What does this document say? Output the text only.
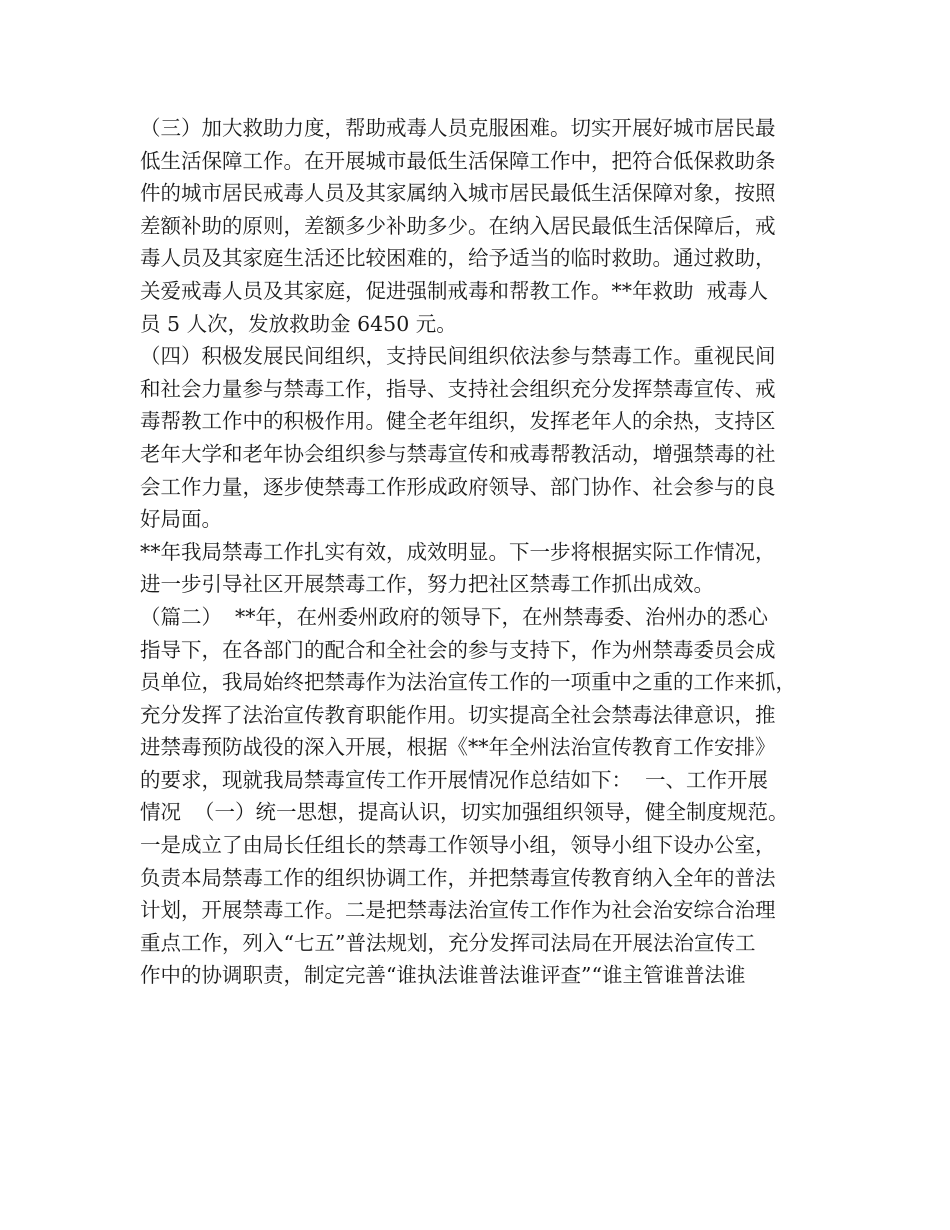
（三）加大救助力度，帮助戒毒人员克服困难。切实开展好城市居民最
低生活保障工作。在开展城市最低生活保障工作中，把符合低保救助条
件的城市居民戒毒人员及其家属纳入城市居民最低生活保障对象，按照
差额补助的原则，差额多少补助多少。在纳入居民最低生活保障后，戒
毒人员及其家庭生活还比较困难的，给予适当的临时救助。通过救助，
关爱戒毒人员及其家庭，促进强制戒毒和帮教工作。**年救助  戒毒人
员 5 人次，发放救助金 6450 元。
（四）积极发展民间组织，支持民间组织依法参与禁毒工作。重视民间
和社会力量参与禁毒工作，指导、支持社会组织充分发挥禁毒宣传、戒
毒帮教工作中的积极作用。健全老年组织，发挥老年人的余热，支持区
老年大学和老年协会组织参与禁毒宣传和戒毒帮教活动，增强禁毒的社
会工作力量，逐步使禁毒工作形成政府领导、部门协作、社会参与的良
好局面。
**年我局禁毒工作扎实有效，成效明显。下一步将根据实际工作情况，
进一步引导社区开展禁毒工作，努力把社区禁毒工作抓出成效。
（篇二）  **年，在州委州政府的领导下，在州禁毒委、治州办的悉心
指导下，在各部门的配合和全社会的参与支持下，作为州禁毒委员会成
员单位，我局始终把禁毒作为法治宣传工作的一项重中之重的工作来抓，
充分发挥了法治宣传教育职能作用。切实提高全社会禁毒法律意识，推
进禁毒预防战役的深入开展，根据《**年全州法治宣传教育工作安排》
的要求，现就我局禁毒宣传工作开展情况作总结如下：  一、工作开展
情况  （一）统一思想，提高认识，切实加强组织领导，健全制度规范。
一是成立了由局长任组长的禁毒工作领导小组，领导小组下设办公室，
负责本局禁毒工作的组织协调工作，并把禁毒宣传教育纳入全年的普法
计划，开展禁毒工作。二是把禁毒法治宣传工作作为社会治安综合治理
重点工作，列入“七五”普法规划，充分发挥司法局在开展法治宣传工
作中的协调职责，制定完善“谁执法谁普法谁评查”“谁主管谁普法谁
